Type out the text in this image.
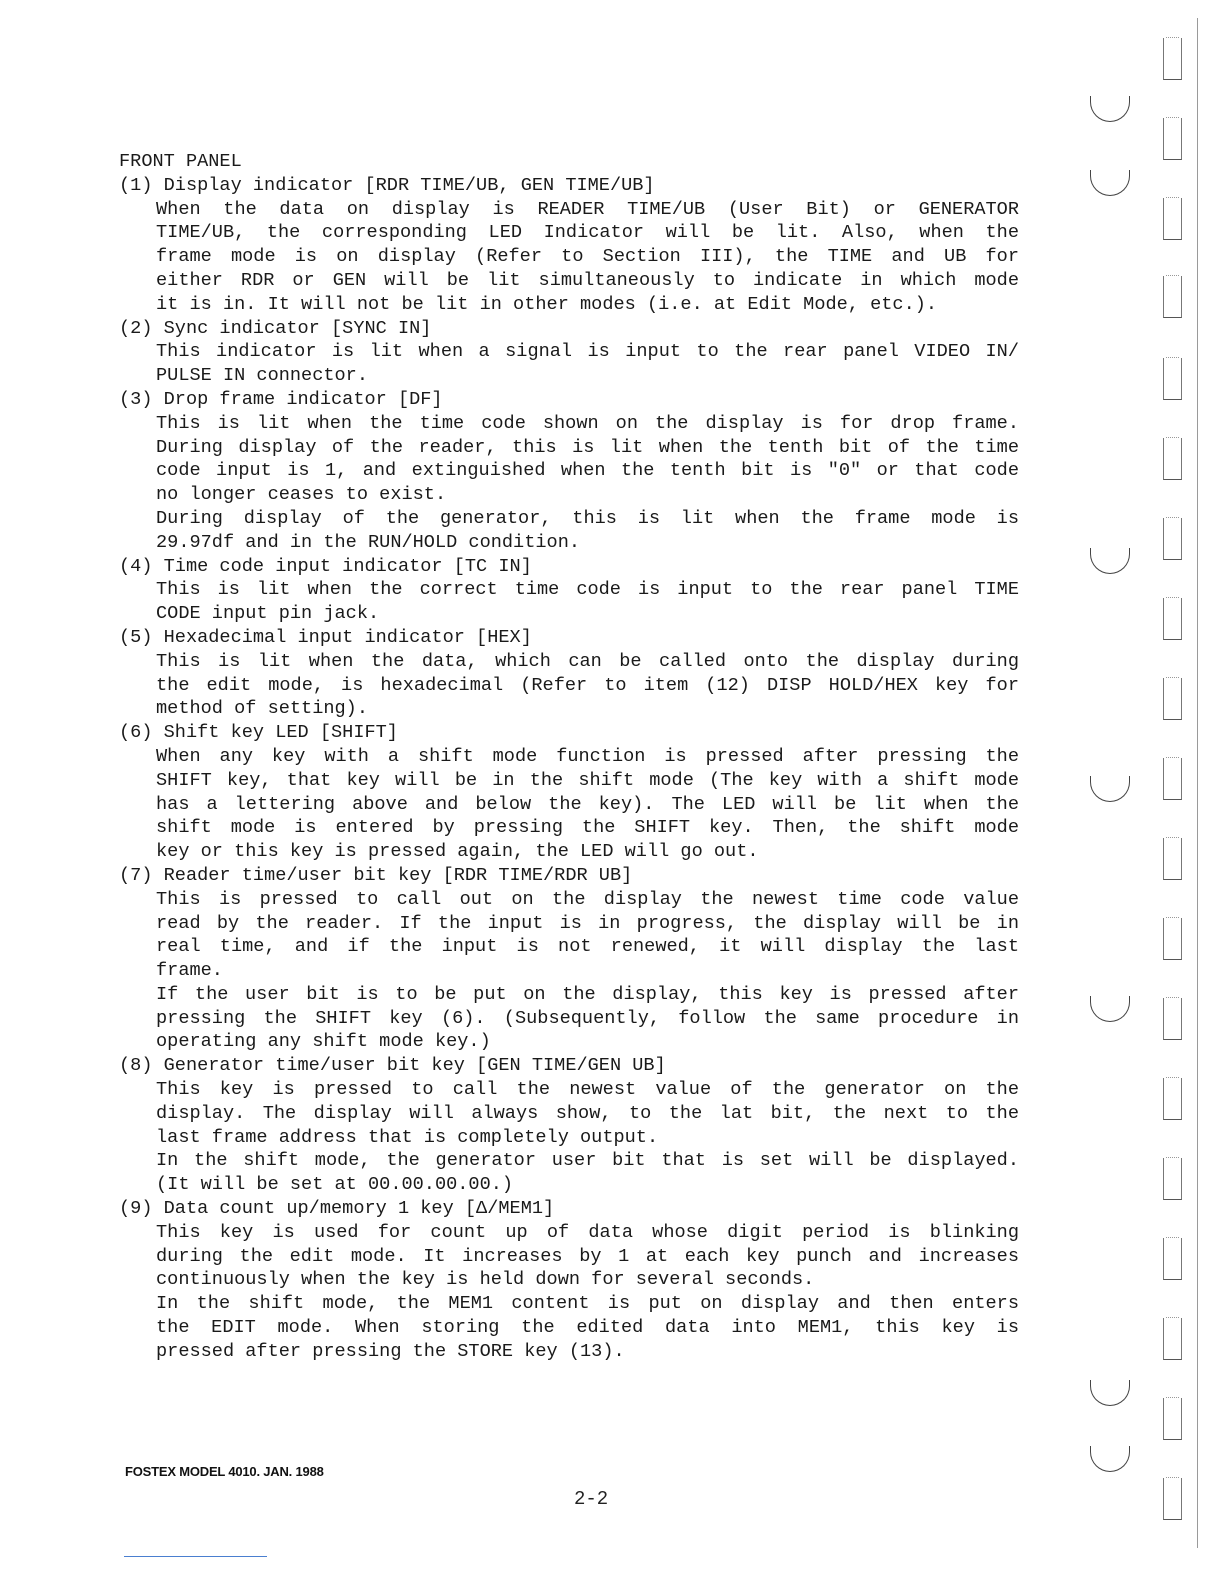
FRONT PANEL
(1) Display indicator [RDR TIME/UB, GEN TIME/UB]
When the data on display is READER TIME/UB (User Bit) or GENERATOR
TIME/UB, the corresponding LED Indicator will be lit. Also, when the
frame mode is on display (Refer to Section III), the TIME and UB for
either RDR or GEN will be lit simultaneously to indicate in which mode
it is in. It will not be lit in other modes (i.e. at Edit Mode, etc.).
(2) Sync indicator [SYNC IN]
This indicator is lit when a signal is input to the rear panel VIDEO IN/
PULSE IN connector.
(3) Drop frame indicator [DF]
This is lit when the time code shown on the display is for drop frame.
During display of the reader, this is lit when the tenth bit of the time
code input is 1, and extinguished when the tenth bit is "0" or that code
no longer ceases to exist.
During display of the generator, this is lit when the frame mode is
29.97df and in the RUN/HOLD condition.
(4) Time code input indicator [TC IN]
This is lit when the correct time code is input to the rear panel TIME
CODE input pin jack.
(5) Hexadecimal input indicator [HEX]
This is lit when the data, which can be called onto the display during
the edit mode, is hexadecimal (Refer to item (12) DISP HOLD/HEX key for
method of setting).
(6) Shift key LED [SHIFT]
When any key with a shift mode function is pressed after pressing the
SHIFT key, that key will be in the shift mode (The key with a shift mode
has a lettering above and below the key). The LED will be lit when the
shift mode is entered by pressing the SHIFT key. Then, the shift mode
key or this key is pressed again, the LED will go out.
(7) Reader time/user bit key [RDR TIME/RDR UB]
This is pressed to call out on the display the newest time code value
read by the reader. If the input is in progress, the display will be in
real time, and if the input is not renewed, it will display the last
frame.
If the user bit is to be put on the display, this key is pressed after
pressing the SHIFT key (6). (Subsequently, follow the same procedure in
operating any shift mode key.)
(8) Generator time/user bit key [GEN TIME/GEN UB]
This key is pressed to call the newest value of the generator on the
display. The display will always show, to the lat bit, the next to the
last frame address that is completely output.
In the shift mode, the generator user bit that is set will be displayed.
(It will be set at 00.00.00.00.)
(9) Data count up/memory 1 key [Δ/MEM1]
This key is used for count up of data whose digit period is blinking
during the edit mode. It increases by 1 at each key punch and increases
continuously when the key is held down for several seconds.
In the shift mode, the MEM1 content is put on display and then enters
the EDIT mode. When storing the edited data into MEM1, this key is
pressed after pressing the STORE key (13).
FOSTEX MODEL 4010. JAN. 1988
2-2
